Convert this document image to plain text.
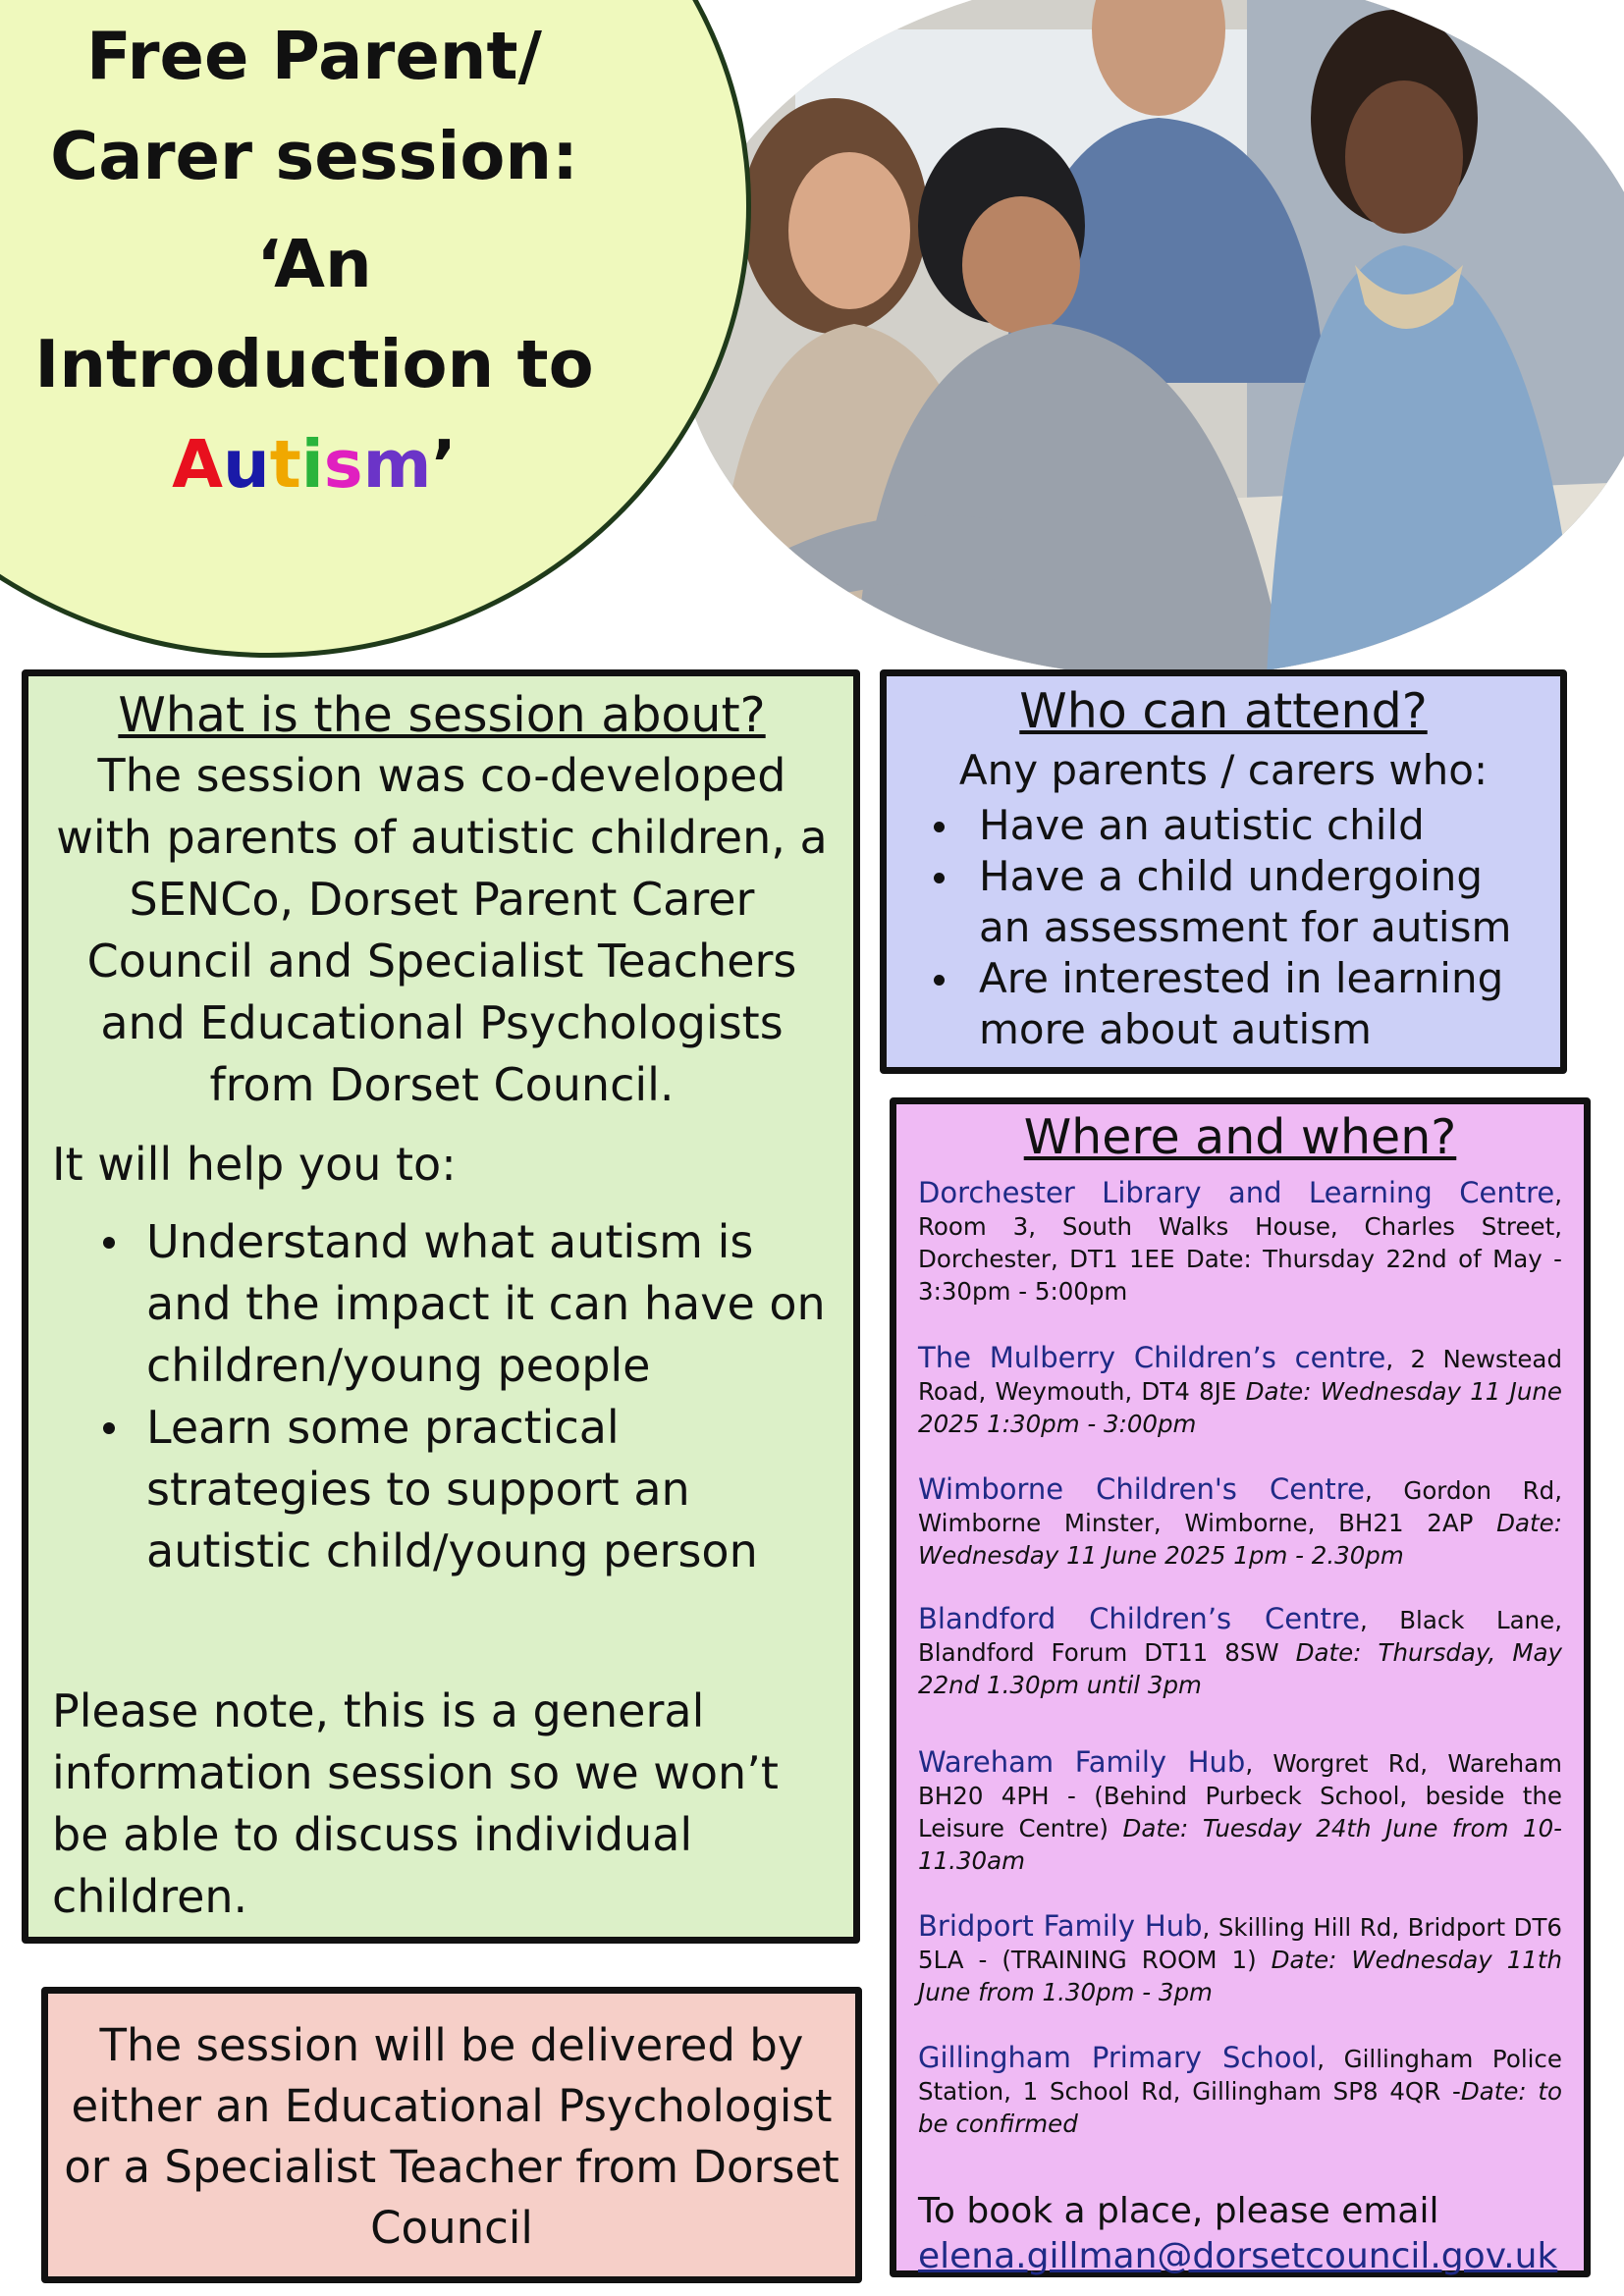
Free Parent/
Carer session:
‘An
Introduction to
Autism’
What is the session about?
The session was co-developed with parents of autistic children, a SENCo, Dorset Parent Carer Council and Specialist Teachers and Educational Psychologists from Dorset Council.
It will help you to:
Understand what autism is and the impact it can have on children/young people
Learn some practical strategies to support an autistic child/young person
Please note, this is a general information session so we won’t be able to discuss individual children.
Who can attend?
Any parents / carers who:
Have an autistic child
Have a child undergoing an assessment for autism
Are interested in learning more about autism
Where and when?
Dorchester Library and Learning Centre, Room 3, South Walks House, Charles Street, Dorchester, DT1 1EE Date: Thursday 22nd of May - 3:30pm - 5:00pm
The Mulberry Children’s centre, 2 Newstead Road, Weymouth, DT4 8JE Date: Wednesday 11 June 2025 1:30pm - 3:00pm
Wimborne Children's Centre, Gordon Rd, Wimborne Minster, Wimborne, BH21 2AP Date: Wednesday 11 June 2025 1pm - 2.30pm
Blandford Children’s Centre, Black Lane, Blandford Forum DT11 8SW Date: Thursday, May 22nd 1.30pm until 3pm
Wareham Family Hub, Worgret Rd, Wareham BH20 4PH - (Behind Purbeck School, beside the Leisure Centre) Date: Tuesday 24th June from 10-11.30am
Bridport Family Hub, Skilling Hill Rd, Bridport DT6 5LA - (TRAINING ROOM 1) Date: Wednesday 11th June from 1.30pm - 3pm
Gillingham Primary School, Gillingham Police Station, 1 School Rd, Gillingham SP8 4QR -Date: to be confirmed
To book a place, please email
elena.gillman@dorsetcouncil.gov.uk
The session will be delivered by either an Educational Psychologist or a Specialist Teacher from Dorset Council
